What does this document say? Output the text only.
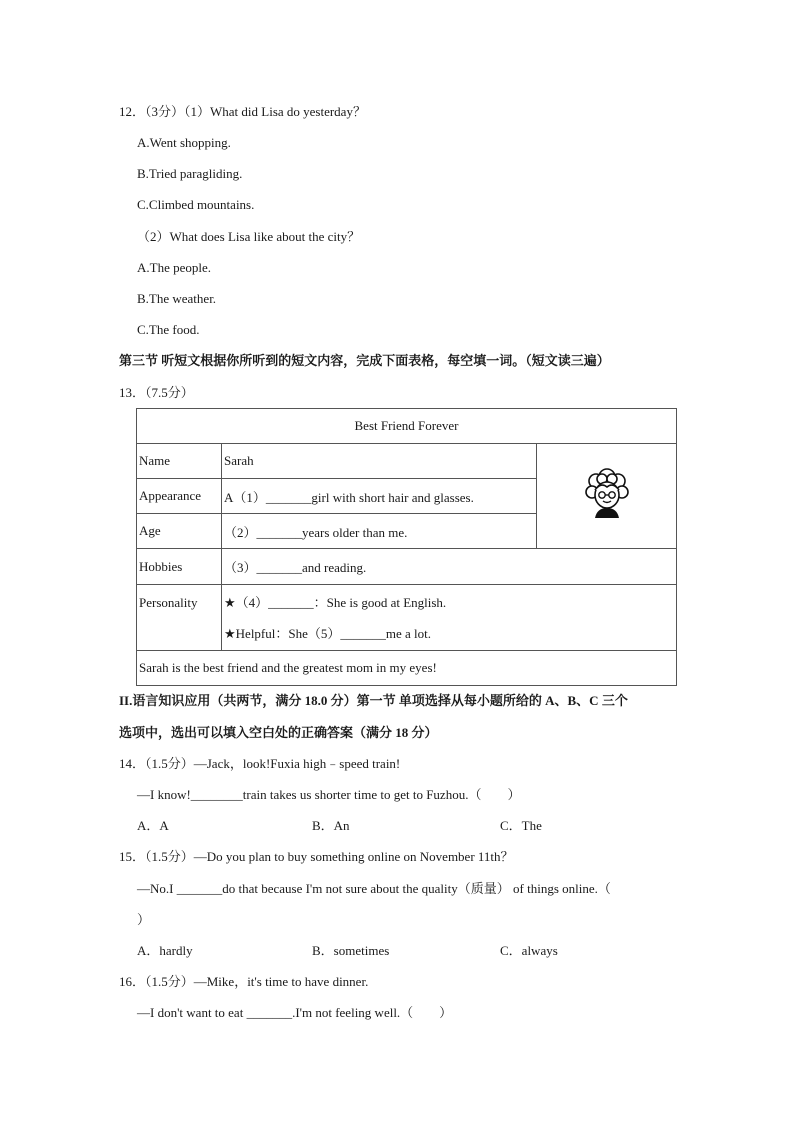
12．（3分）（1）What did Lisa do yesterday？
A.Went shopping.
B.Tried paragliding.
C.Climbed mountains.
（2）What does Lisa like about the city？
A.The people.
B.The weather.
C.The food.
第三节 听短文根据你所听到的短文内容，完成下面表格，每空填一词。（短文读三遍）
13．（7.5分）
Best Friend Forever		
Name	Sarah	
Appearance	A（1）_______girl with short hair and glasses.	
Age	（2）_______years older than me.	
Hobbies	（3）_______and reading.	
Personality	★（4）_______：She is good at English.
★Helpful：She（5）_______me a lot.	

Sarah is the best friend and the greatest mom in my eyes!		
II.语言知识应用（共两节，满分 18.0 分）第一节 单项选择从每小题所给的 A、B、C 三个
选项中，选出可以填入空白处的正确答案（满分 18 分）
14．（1.5分）—Jack，look!Fuxia high﹣speed train!
—I know!________train takes us shorter time to get to Fuzhou.（　　）
A．A	B．An	C．The
15．（1.5分）—Do you plan to buy something online on November 11th？
—No.I _______do that because I'm not sure about the quality（质量） of things online.（
）
A．hardly	B．sometimes	C．always
16．（1.5分）—Mike，it's time to have dinner.
—I don't want to eat _______.I'm not feeling well.（　　）
